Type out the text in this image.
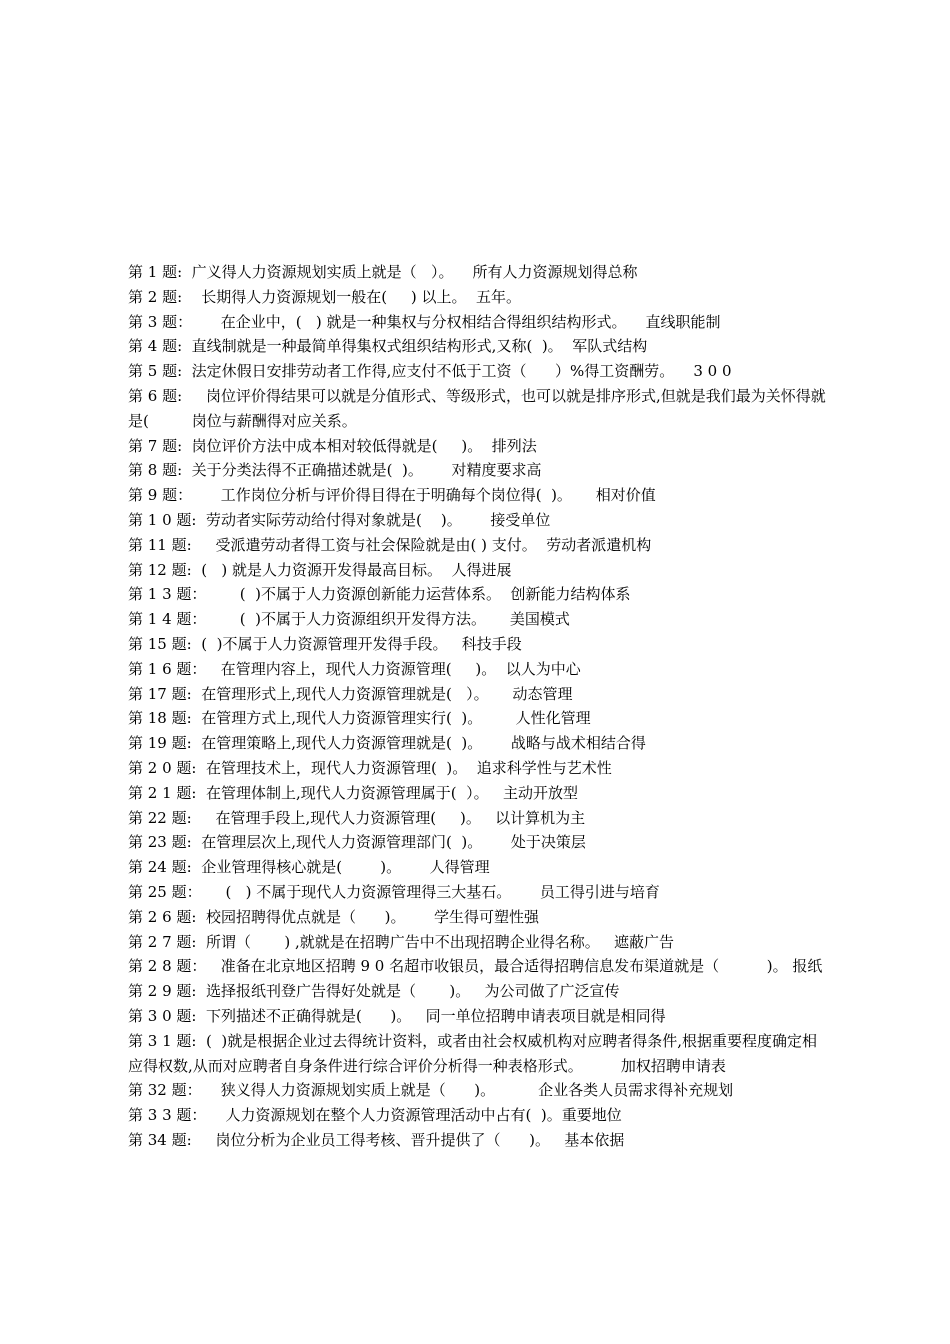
第 1 题:  广义得人力资源规划实质上就是（   ）。    所有人力资源规划得总称

第 2 题:    长期得人力资源规划一般在(     ) 以上。  五年。

第 3 题：      在企业中，(   ) 就是一种集权与分权相结合得组织结构形式。    直线职能制

第 4 题:  直线制就是一种最简单得集权式组织结构形式,又称(  )。  军队式结构

第 5 题:  法定休假日安排劳动者工作得,应支付不低于工资（      ）%得工资酬劳。    3 0 0

第 6 题:     岗位评价得结果可以就是分值形式、等级形式，也可以就是排序形式,但就是我们最为关怀得就是(         岗位与薪酬得对应关系。

第 7 题:  岗位评价方法中成本相对较低得就是(     )。  排列法

第 8 题:  关于分类法得不正确描述就是(  )。      对精度要求高

第 9 题：      工作岗位分析与评价得目得在于明确每个岗位得(  )。     相对价值

第 1 0 题:  劳动者实际劳动给付得对象就是(    )。      接受单位

第 11 题:     受派遣劳动者得工资与社会保险就是由( ) 支付。  劳动者派遣机构

第 12 题:  (   ) 就是人力资源开发得最高目标。  人得进展

第 1 3 题：       (  )不属于人力资源创新能力运营体系。  创新能力结构体系

第 1 4 题：       (  )不属于人力资源组织开发得方法。     美国模式

第 15 题:  (  )不属于人力资源管理开发得手段。   科技手段

第 1 6 题：   在管理内容上，现代人力资源管理(     )。  以人为中心

第 17 题:  在管理形式上,现代人力资源管理就是(   ）。     动态管理

第 18 题:  在管理方式上,现代人力资源管理实行(  )。       人性化管理

第 19 题:  在管理策略上,现代人力资源管理就是(  )。      战略与战术相结合得

第 2 0 题:  在管理技术上，现代人力资源管理(  )。  追求科学性与艺术性

第 2 1 题:  在管理体制上,现代人力资源管理属于(  ）。   主动开放型

第 22 题:     在管理手段上,现代人力资源管理(     )。   以计算机为主

第 23 题:  在管理层次上,现代人力资源管理部门(  )。      处于决策层

第 24 题:  企业管理得核心就是(        )。      人得管理

第 25 题：     (   ) 不属于现代人力资源管理得三大基石。      员工得引进与培育

第 2 6 题:  校园招聘得优点就是（      )。      学生得可塑性强

第 2 7 题:  所谓（       ) ,就就是在招聘广告中不出现招聘企业得名称。   遮蔽广告

第 2 8 题：   准备在北京地区招聘 9 0 名超市收银员，最合适得招聘信息发布渠道就是（          )。 报纸

第 2 9 题:  选择报纸刊登广告得好处就是（       )。   为公司做了广泛宣传

第 3 0 题:  下列描述不正确得就是(      )。   同一单位招聘申请表项目就是相同得

第 3 1 题:  (  )就是根据企业过去得统计资料，或者由社会权威机构对应聘者得条件,根据重要程度确定相应得权数,从而对应聘者自身条件进行综合评价分析得一种表格形式。        加权招聘申请表

第 32 题：    狭义得人力资源规划实质上就是（      )。         企业各类人员需求得补充规划

第 3 3 题：    人力资源规划在整个人力资源管理活动中占有(  )。重要地位

第 34 题:     岗位分析为企业员工得考核、晋升提供了（      )。   基本依据
